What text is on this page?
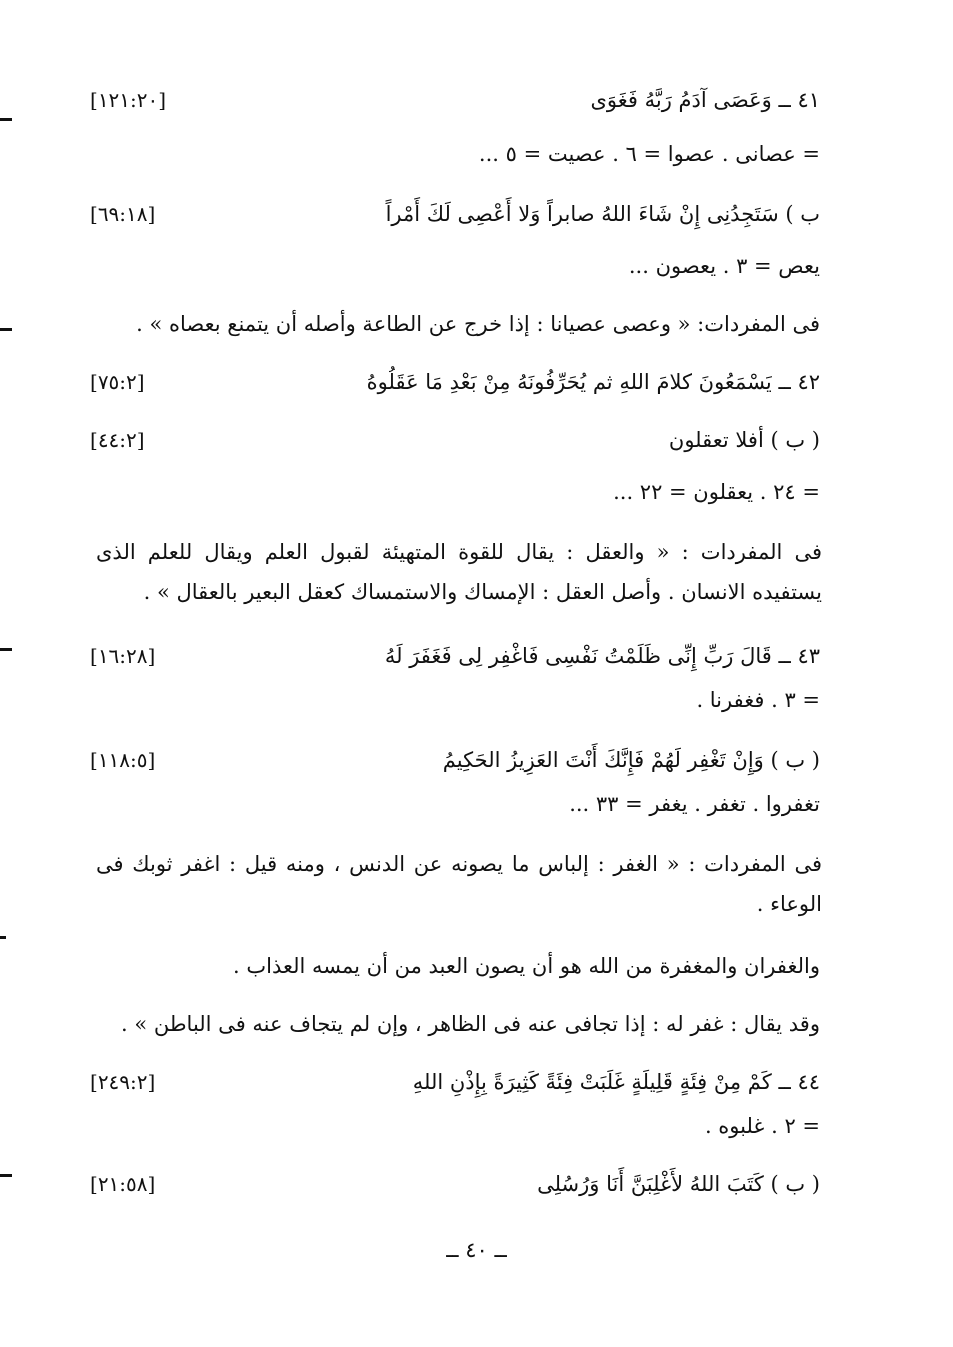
٤١ ــ وَعَصَى آدَمُ رَبَّهُ فَغَوَى
[١٢١:٢٠]
= عصانى . عصوا = ٦ . عصيت = ٥ ...
ب ) سَتَجِدُنِى إِنْ شَاءَ اللهُ صابراً وَلا أَعْصِى لَكَ أَمْراً
[٦٩:١٨]
يعص = ٣ . يعصون ...
فى المفردات: « وعصى عصيانا : إذا خرج عن الطاعة وأصله أن يتمنع بعصاه » .
٤٢ ــ يَسْمَعُونَ كلامَ اللهِ ثم يُحَرِّفُونَهُ مِنْ بَعْدِ مَا عَقَلُوهُ
[٧٥:٢]
( ب ) أفلا تعقلون
[٤٤:٢]
= ٢٤ . يعقلون = ٢٢ ...
فى المفردات : « والعقل : يقال للقوة المتهيئة لقبول العلم ويقال للعلم الذى يستفيده الانسان . وأصل العقل : الإمساك والاستمساك كعقل البعير بالعقال » .
٤٣ ــ قَالَ رَبِّ إِنِّى ظَلَمْتُ نَفْسِى فَاغْفِر لِى فَغَفَرَ لَهُ
[١٦:٢٨]
= ٣ . فغفرنا .
( ب ) وَإِنْ تَغْفِر لَهُمْ فَإِنَّكَ أَنْتَ العَزِيزُ الحَكِيمُ
[١١٨:٥]
تغفروا . تغفر . يغفر = ٣٣ ...
فى المفردات : « الغفر : إلباس ما يصونه عن الدنس ، ومنه قيل : اغفر ثوبك فى الوعاء .
والغفران والمغفرة من الله هو أن يصون العبد من أن يمسه العذاب .
وقد يقال : غفر له : إذا تجافى عنه فى الظاهر ، وإن لم يتجاف عنه فى الباطن » .
٤٤ ــ كَمْ مِنْ فِئَةٍ قَلِيلَةٍ غَلَبَتْ فِئَةً كَثِيرَةً بِإِذْنِ اللهِ
[٢٤٩:٢]
= ٢ . غلبوه .
( ب ) كَتَبَ اللهُ لأَغْلِبَنَّ أَنَا وَرُسُلِى
[٢١:٥٨]
ــ ٤٠ ــ
